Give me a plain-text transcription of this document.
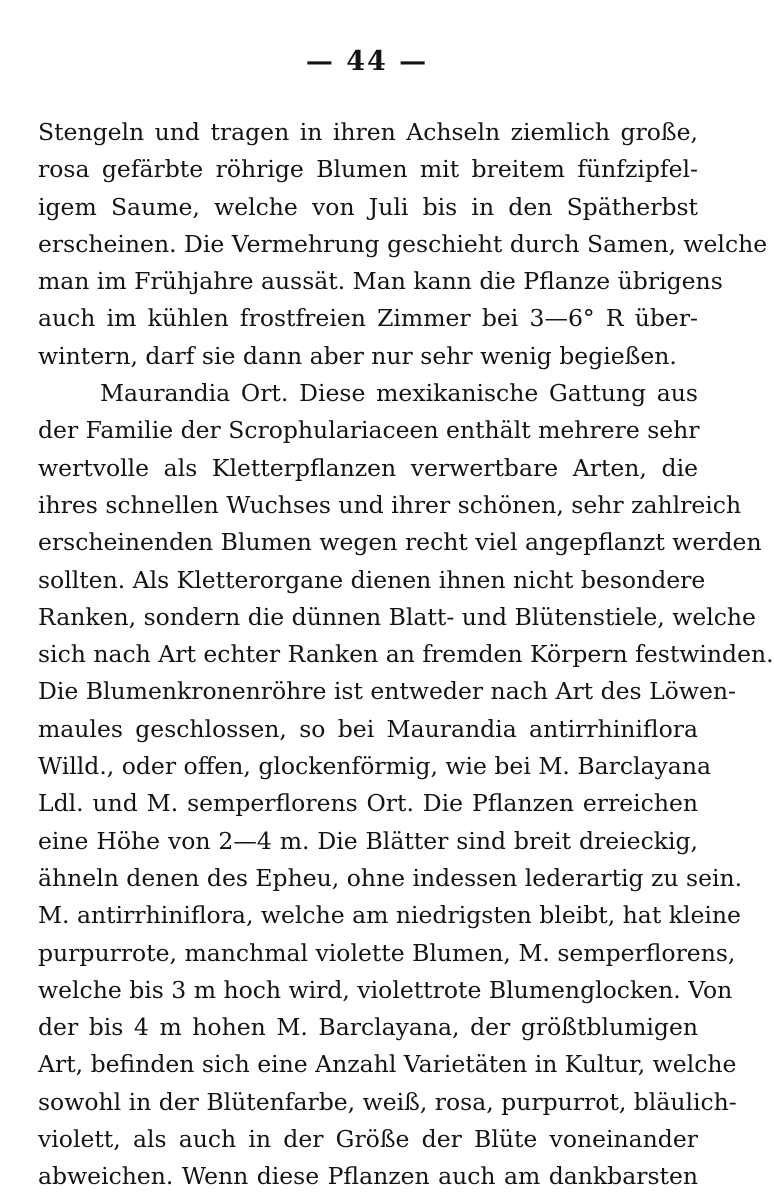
— 44 —
Stengeln und tragen in ihren Achseln ziemlich große,
rosa gefärbte röhrige Blumen mit breitem fünfzipfel-
igem Saume, welche von Juli bis in den Spätherbst
erscheinen. Die Vermehrung geschieht durch Samen, welche
man im Frühjahre aussät. Man kann die Pflanze übrigens
auch im kühlen frostfreien Zimmer bei 3—6° R über-
wintern, darf sie dann aber nur sehr wenig begießen.
Maurandia Ort. Diese mexikanische Gattung aus
der Familie der Scrophulariaceen enthält mehrere sehr
wertvolle als Kletterpflanzen verwertbare Arten, die
ihres schnellen Wuchses und ihrer schönen, sehr zahlreich
erscheinenden Blumen wegen recht viel angepflanzt werden
sollten. Als Kletterorgane dienen ihnen nicht besondere
Ranken, sondern die dünnen Blatt- und Blütenstiele, welche
sich nach Art echter Ranken an fremden Körpern festwinden.
Die Blumenkronenröhre ist entweder nach Art des Löwen-
maules geschlossen, so bei Maurandia antirrhiniflora
Willd., oder offen, glockenförmig, wie bei M. Barclayana
Ldl. und M. semperflorens Ort. Die Pflanzen erreichen
eine Höhe von 2—4 m. Die Blätter sind breit dreieckig,
ähneln denen des Epheu, ohne indessen lederartig zu sein.
M. antirrhiniflora, welche am niedrigsten bleibt, hat kleine
purpurrote, manchmal violette Blumen, M. semperflorens,
welche bis 3 m hoch wird, violettrote Blumenglocken. Von
der bis 4 m hohen M. Barclayana, der größtblumigen
Art, befinden sich eine Anzahl Varietäten in Kultur, welche
sowohl in der Blütenfarbe, weiß, rosa, purpurrot, bläulich-
violett, als auch in der Größe der Blüte voneinander
abweichen. Wenn diese Pflanzen auch am dankbarsten
